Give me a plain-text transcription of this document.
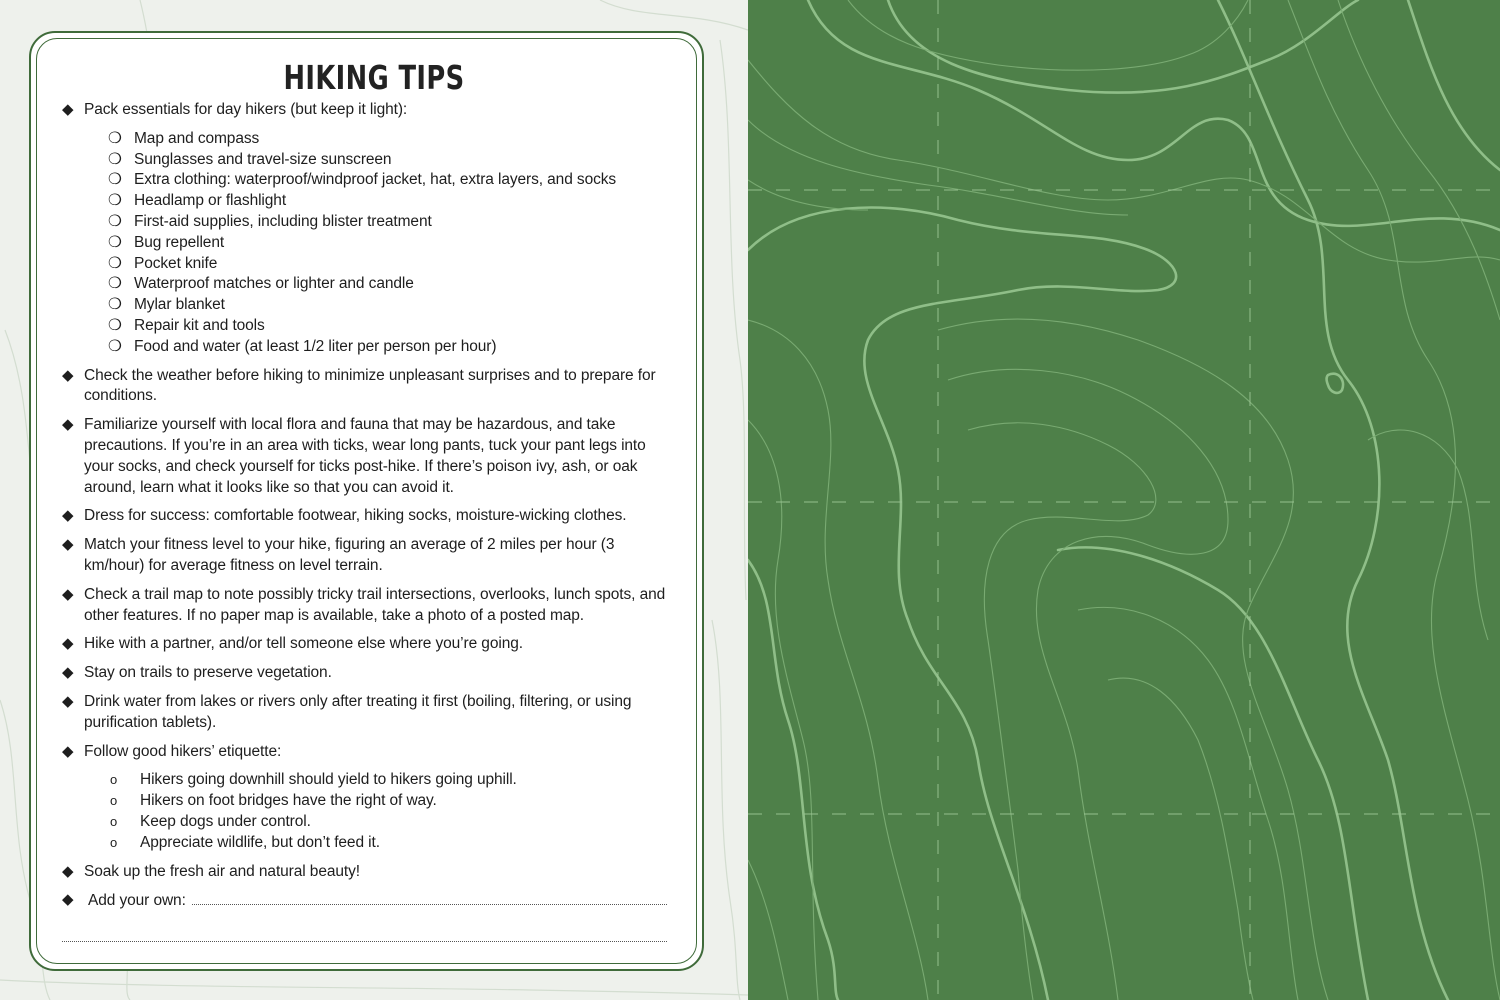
HIKING TIPS
◆ Pack essentials for day hikers (but keep it light):
❍ Map and compass
❍ Sunglasses and travel-size sunscreen
❍ Extra clothing: waterproof/windproof jacket, hat, extra layers, and socks
❍ Headlamp or flashlight
❍ First-aid supplies, including blister treatment
❍ Bug repellent
❍ Pocket knife
❍ Waterproof matches or lighter and candle
❍ Mylar blanket
❍ Repair kit and tools
❍ Food and water (at least 1/2 liter per person per hour)
◆ Check the weather before hiking to minimize unpleasant surprises and to prepare for conditions.
◆ Familiarize yourself with local flora and fauna that may be hazardous, and take precautions. If you’re in an area with ticks, wear long pants, tuck your pant legs into your socks, and check yourself for ticks post-hike. If there’s poison ivy, ash, or oak around, learn what it looks like so that you can avoid it.
◆ Dress for success: comfortable footwear, hiking socks, moisture-wicking clothes.
◆ Match your fitness level to your hike, figuring an average of 2 miles per hour (3 km/hour) for average fitness on level terrain.
◆ Check a trail map to note possibly tricky trail intersections, overlooks, lunch spots, and other features. If no paper map is available, take a photo of a posted map.
◆ Hike with a partner, and/or tell someone else where you’re going.
◆ Stay on trails to preserve vegetation.
◆ Drink water from lakes or rivers only after treating it first (boiling, filtering, or using purification tablets).
◆ Follow good hikers’ etiquette:
o Hikers going downhill should yield to hikers going uphill.
o Hikers on foot bridges have the right of way.
o Keep dogs under control.
o Appreciate wildlife, but don’t feed it.
◆ Soak up the fresh air and natural beauty!
◆ Add your own:
